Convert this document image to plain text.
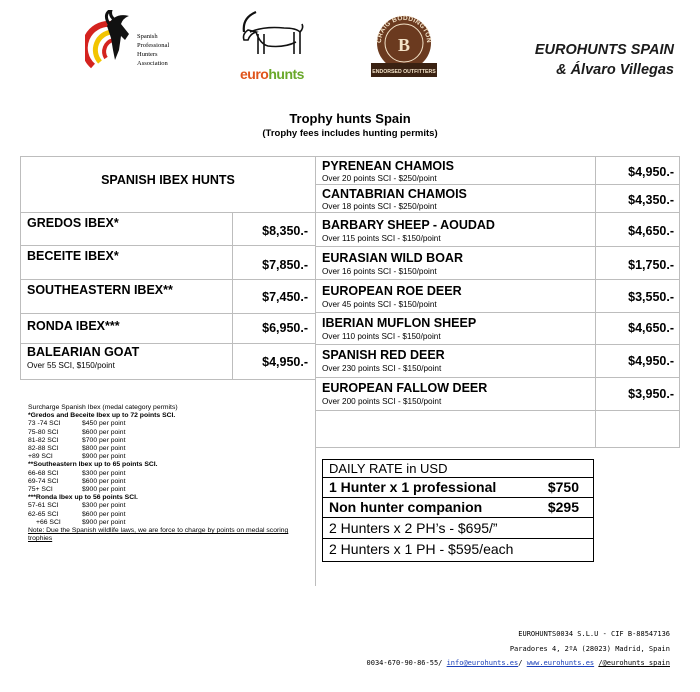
Spanish
Professional
Hunters
Association
eurohunts
CRAIG BODDINGTON
B
ENDORSED OUTFITTERS
EUROHUNTS SPAIN
& Álvaro Villegas
Trophy hunts Spain
(Trophy fees includes hunting permits)
SPANISH IBEX HUNTS
GREDOS IBEX*
$8,350.-
BECEITE IBEX*
$7,850.-
SOUTHEASTERN IBEX**	$7,450.-
RONDA IBEX***	$6,950.-
BALEARIAN GOAT
Over 55 SCI, $150/point	$4,950.-
PYRENEAN CHAMOIS
Over 20 points SCI - $250/point	$4,950.-
CANTABRIAN CHAMOIS
Over 18 points SCI - $250/point	$4,350.-
BARBARY SHEEP - AOUDAD
Over 115 points SCI - $150/point
$4,650.-
EURASIAN WILD BOAR
Over 16 points SCI - $150/point	$1,750.-
EUROPEAN ROE DEER
Over 45 points SCI - $150/point
$3,550.-
IBERIAN MUFLON SHEEP
Over 110 points SCI - $150/point
$4,650.-
SPANISH RED DEER
Over 230 points SCI - $150/point
$4,950.-
EUROPEAN FALLOW DEER
Over 200 points SCI - $150/point
$3,950.-
Surcharge Spanish Ibex (medal category permits)
*Gredos and Beceite Ibex up to 72 points SCI.
73 -74 SCI	$450 per point
75-80 SCI	$600 per point
81-82 SCI	$700 per point
82-88 SCI	$800 per point
+89 SCI	$900 per point
**Southeastern Ibex up to 65 points SCI.
66-68 SCI	$300 per point
69-74 SCI	$600 per point
75+ SCI	$900 per point
***Ronda Ibex up to 56 points SCI.
57-61 SCI	$300 per point
62-65 SCI	$600 per point
+66 SCI	$900 per point
Note: Due the Spanish wildlife laws, we are force to charge by points on medal scoring trophies
DAILY RATE in USD
1 Hunter x 1 professional	$750
Non hunter companion	$295
2 Hunters x 2 PH’s - $695/”
2 Hunters x 1 PH - $595/each
EUROHUNTS0034 S.L.U - CIF B-88547136
Paradores 4, 2ºA (28023) Madrid, Spain
0034-670-90-86-55/ info@eurohunts.es/ www.eurohunts.es /@eurohunts_spain
